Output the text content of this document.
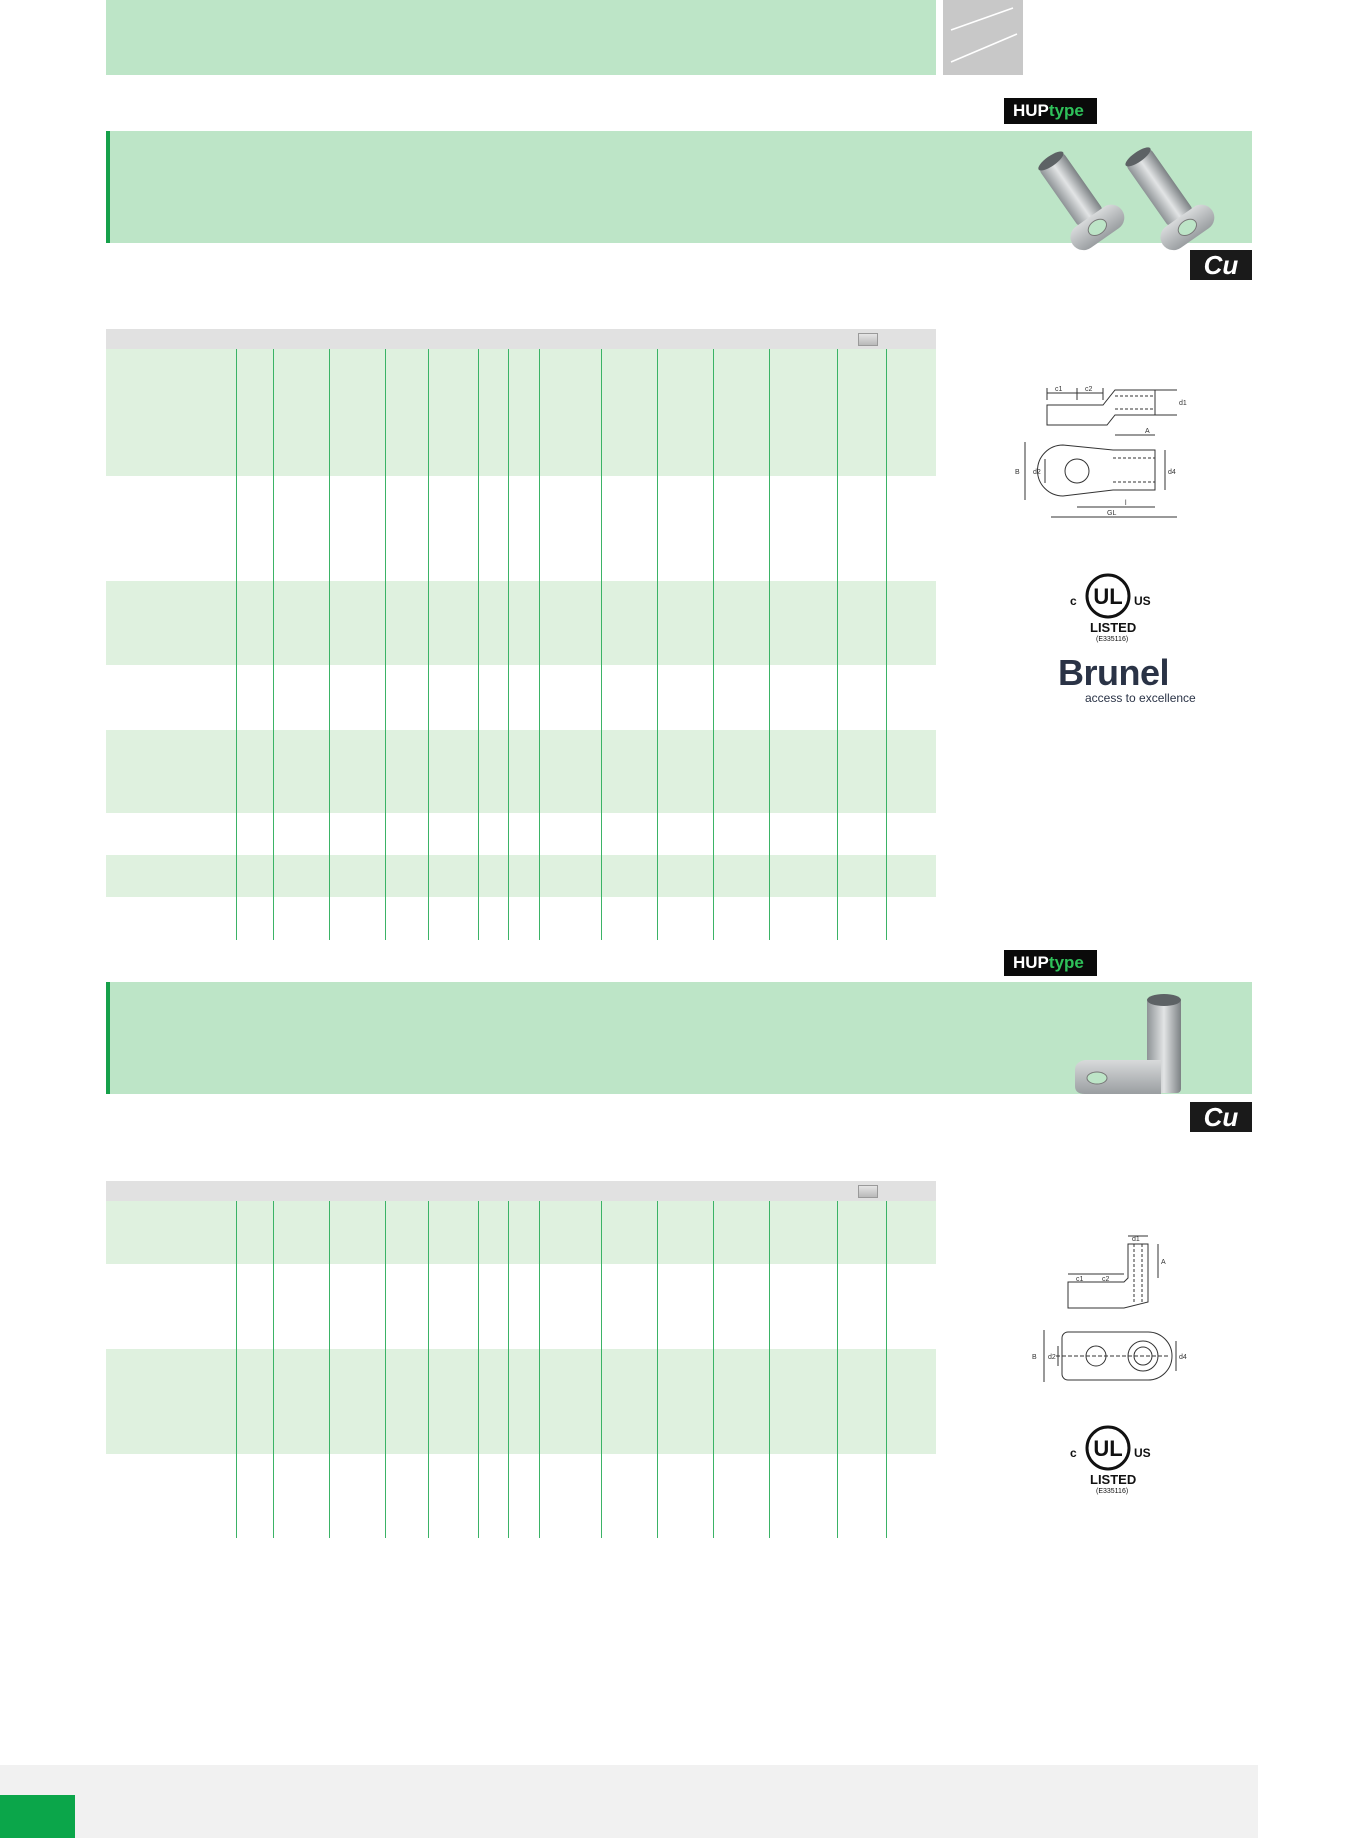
HUPtype
Cu
c1	c2
d1
A
B d2	d4
l
GL
c UL US
LISTED
(E335116)
Brunel
access to excellence
HUPtype
Cu
d1
A
c1	c2
B d2	d4
c UL US
LISTED
(E335116)
